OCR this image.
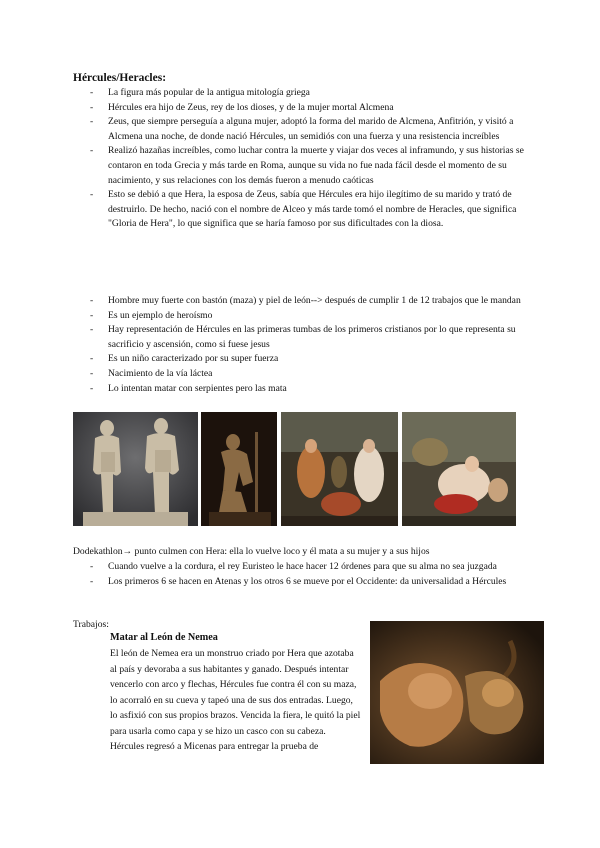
Hércules/Heracles:
- La figura más popular de la antigua mitología griega
- Hércules era hijo de Zeus, rey de los dioses, y de la mujer mortal Alcmena
- Zeus, que siempre perseguía a alguna mujer, adoptó la forma del marido de Alcmena, Anfitrión, y visitó a Alcmena una noche, de donde nació Hércules, un semidiós con una fuerza y una resistencia increíbles
- Realizó hazañas increíbles, como luchar contra la muerte y viajar dos veces al inframundo, y sus historias se contaron en toda Grecia y más tarde en Roma, aunque su vida no fue nada fácil desde el momento de su nacimiento, y sus relaciones con los demás fueron a menudo caóticas
- Esto se debió a que Hera, la esposa de Zeus, sabía que Hércules era hijo ilegítimo de su marido y trató de destruirlo. De hecho, nació con el nombre de Alceo y más tarde tomó el nombre de Heracles, que significa "Gloria de Hera", lo que significa que se haría famoso por sus dificultades con la diosa.
- Hombre muy fuerte con bastón (maza) y piel de león--> después de cumplir 1 de 12 trabajos que le mandan
- Es un ejemplo de heroísmo
- Hay representación de Hércules en las primeras tumbas de los primeros cristianos por lo que representa su sacrificio y ascensión, como si fuese jesus
- Es un niño caracterizado por su super fuerza
- Nacimiento de la vía láctea
- Lo intentan matar con serpientes pero las mata
Dodekathlon→ punto culmen con Hera: ella lo vuelve loco y él mata a su mujer y a sus hijos
- Cuando vuelve a la cordura, el rey Euristeo le hace hacer 12 órdenes para que su alma no sea juzgada
- Los primeros 6 se hacen en Atenas y los otros 6 se mueve por el Occidente: da universalidad a Hércules
Trabajos:
Matar al León de Nemea
El león de Nemea era un monstruo criado por Hera que azotaba al país y devoraba a sus habitantes y ganado. Después intentar vencerlo con arco y flechas, Hércules fue contra él con su maza, lo acorraló en su cueva y tapeó una de sus dos entradas. Luego, lo asfixió con sus propios brazos. Vencida la fiera, le quitó la piel para usarla como capa y se hizo un casco con su cabeza. Hércules regresó a Micenas para entregar la prueba de
